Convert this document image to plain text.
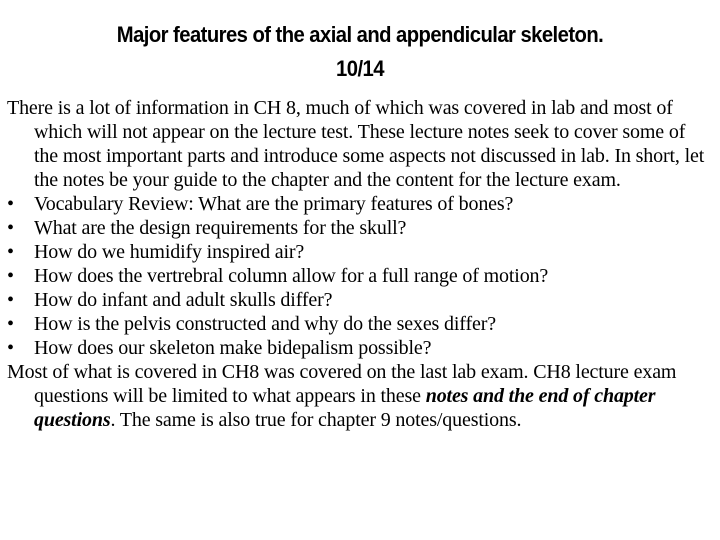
Major features of the axial and appendicular skeleton.
10/14

There is a lot of information in CH 8, much of which was covered in lab and most of which will not appear on the lecture test. These lecture notes seek to cover some of the most important parts and introduce some aspects not discussed in lab. In short, let the notes be your guide to the chapter and the content for the lecture exam.

•	Vocabulary Review: What are the primary features of bones?
•	What are the design requirements for the skull?
•	How do we humidify inspired air?
•	How does the vertrebral column allow for a full range of motion?
•	How do infant and adult skulls differ?
•	How is the pelvis constructed and why do the sexes differ?
•	How does our skeleton make bidepalism possible?

Most of what is covered in CH8 was covered on the last lab exam. CH8 lecture exam questions will be limited to what appears in these notes and the end of chapter questions. The same is also true for chapter 9 notes/questions.
